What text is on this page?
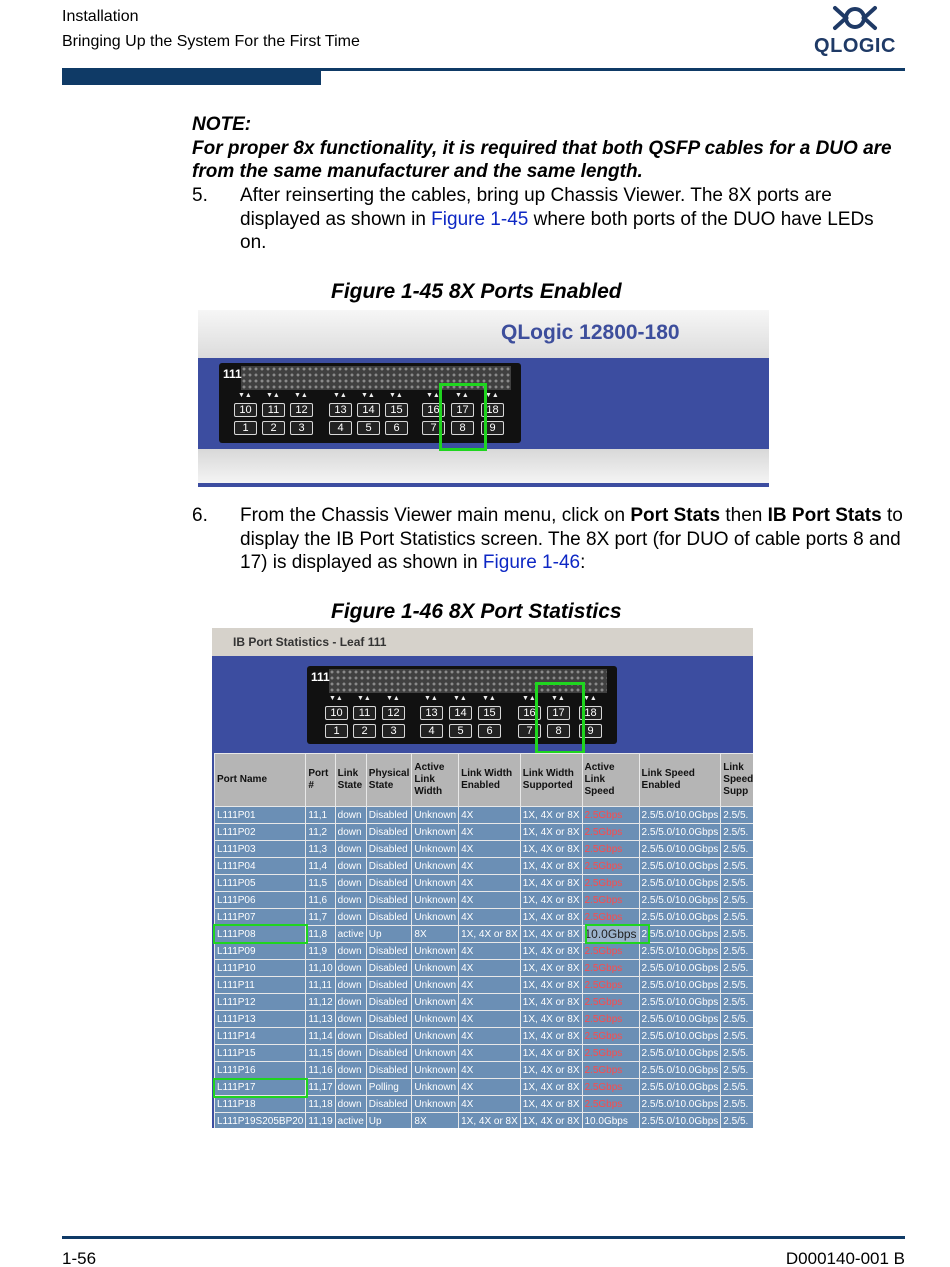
Installation
Bringing Up the System For the First Time	QLOGIC
NOTE:
For proper 8x functionality, it is required that both QSFP cables for a DUO are from the same manufacturer and the same length.
5. After reinserting the cables, bring up Chassis Viewer. The 8X ports are displayed as shown in Figure 1-45 where both ports of the DUO have LEDs on.
Figure 1-45 8X Ports Enabled
QLogic 12800-180
111
▼▲
10
1
▼▲
11
2
▼▲
12
3
▼▲
13
4
▼▲
14
5
▼▲
15
6
▼▲
16
7
▼▲
17
8
▼▲
18
9
6. From the Chassis Viewer main menu, click on Port Stats then IB Port Stats to display the IB Port Statistics screen. The 8X port (for DUO of cable ports 8 and 17) is displayed as shown in Figure 1-46:
Figure 1-46 8X Port Statistics
IB Port Statistics - Leaf 111
111
▼▲
10
1
▼▲
11
2
▼▲
12
3
▼▲
13
4
▼▲
14
5
▼▲
15
6
▼▲
16
7
▼▲
17
8
▼▲
18
9
Port Name	Port #	Link State	Physical State	Active Link Width	Link Width Enabled	Link Width Supported	Active Link Speed	Link Speed Enabled	Link Speed Supp
L111P01	11,1	down	Disabled	Unknown	4X	1X, 4X or 8X	2.5Gbps	2.5/5.0/10.0Gbps	2.5/5.
L111P02	11,2	down	Disabled	Unknown	4X	1X, 4X or 8X	2.5Gbps	2.5/5.0/10.0Gbps	2.5/5.
L111P03	11,3	down	Disabled	Unknown	4X	1X, 4X or 8X	2.5Gbps	2.5/5.0/10.0Gbps	2.5/5.
L111P04	11,4	down	Disabled	Unknown	4X	1X, 4X or 8X	2.5Gbps	2.5/5.0/10.0Gbps	2.5/5.
L111P05	11,5	down	Disabled	Unknown	4X	1X, 4X or 8X	2.5Gbps	2.5/5.0/10.0Gbps	2.5/5.
L111P06	11,6	down	Disabled	Unknown	4X	1X, 4X or 8X	2.5Gbps	2.5/5.0/10.0Gbps	2.5/5.
L111P07	11,7	down	Disabled	Unknown	4X	1X, 4X or 8X	2.5Gbps	2.5/5.0/10.0Gbps	2.5/5.
L111P08	11,8	active	Up	8X	1X, 4X or 8X	1X, 4X or 8X	10.0Gbps	2.5/5.0/10.0Gbps	2.5/5.
L111P09	11,9	down	Disabled	Unknown	4X	1X, 4X or 8X	2.5Gbps	2.5/5.0/10.0Gbps	2.5/5.
L111P10	11,10	down	Disabled	Unknown	4X	1X, 4X or 8X	2.5Gbps	2.5/5.0/10.0Gbps	2.5/5.
L111P11	11,11	down	Disabled	Unknown	4X	1X, 4X or 8X	2.5Gbps	2.5/5.0/10.0Gbps	2.5/5.
L111P12	11,12	down	Disabled	Unknown	4X	1X, 4X or 8X	2.5Gbps	2.5/5.0/10.0Gbps	2.5/5.
L111P13	11,13	down	Disabled	Unknown	4X	1X, 4X or 8X	2.5Gbps	2.5/5.0/10.0Gbps	2.5/5.
L111P14	11,14	down	Disabled	Unknown	4X	1X, 4X or 8X	2.5Gbps	2.5/5.0/10.0Gbps	2.5/5.
L111P15	11,15	down	Disabled	Unknown	4X	1X, 4X or 8X	2.5Gbps	2.5/5.0/10.0Gbps	2.5/5.
L111P16	11,16	down	Disabled	Unknown	4X	1X, 4X or 8X	2.5Gbps	2.5/5.0/10.0Gbps	2.5/5.
L111P17	11,17	down	Polling	Unknown	4X	1X, 4X or 8X	2.5Gbps	2.5/5.0/10.0Gbps	2.5/5.
L111P18	11,18	down	Disabled	Unknown	4X	1X, 4X or 8X	2.5Gbps	2.5/5.0/10.0Gbps	2.5/5.
L111P19S205BP20	11,19	active	Up	8X	1X, 4X or 8X	1X, 4X or 8X	10.0Gbps	2.5/5.0/10.0Gbps	2.5/5.
1-56	D000140-001 B
